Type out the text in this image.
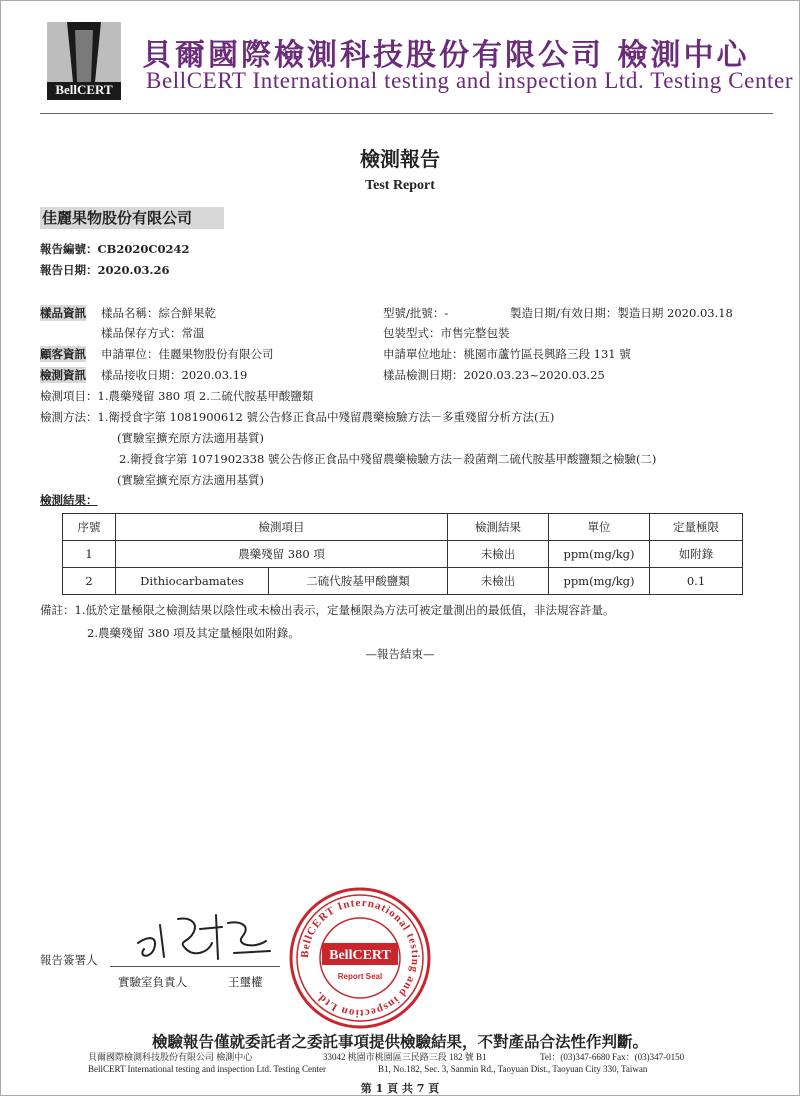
BellCERT
貝爾國際檢測科技股份有限公司 檢測中心
BellCERT International testing and inspection Ltd. Testing Center
檢測報告
Test Report
佳麗果物股份有限公司
報告編號：CB2020C0242
報告日期：2020.03.26
樣品資訊 樣品名稱：綜合鮮果乾	型號/批號：-	製造日期/有效日期：製造日期 2020.03.18
樣品保存方式：常溫	包裝型式：市售完整包裝
顧客資訊 申請單位：佳麗果物股份有限公司	申請單位地址：桃園市蘆竹區長興路三段 131 號
檢測資訊 樣品接收日期：2020.03.19	樣品檢測日期：2020.03.23~2020.03.25
檢測項目：1.農藥殘留 380 項 2.二硫代胺基甲酸鹽類
檢測方法：1.衛授食字第 1081900612 號公告修正食品中殘留農藥檢驗方法－多重殘留分析方法(五)
(實驗室擴充原方法適用基質)
2.衛授食字第 1071902338 號公告修正食品中殘留農藥檢驗方法－殺菌劑二硫代胺基甲酸鹽類之檢驗(二)
(實驗室擴充原方法適用基質)
檢測結果：
序號	檢測項目		檢測結果	單位	定量極限
1	農藥殘留 380 項		未檢出	ppm(mg/kg)	如附錄
2	Dithiocarbamates	二硫代胺基甲酸鹽類	未檢出	ppm(mg/kg)	0.1
備註：1.低於定量極限之檢測結果以陰性或未檢出表示，定量極限為方法可被定量測出的最低值，非法規容許量。
2.農藥殘留 380 項及其定量極限如附錄。
—報告結束—
報告簽署人
實驗室負責人	王璽權
BellCERT International testing and inspection Ltd.
BellCERT
Report Seal
檢驗報告僅就委託者之委託事項提供檢驗結果，不對產品合法性作判斷。
貝爾國際檢測科技股份有限公司 檢測中心	33042 桃園市桃園區三民路三段 182 號 B1	Tel：(03)347-6680 Fax：(03)347-0150
BellCERT International testing and inspection Ltd. Testing Center	B1, No.182, Sec. 3, Sanmin Rd., Taoyuan Dist., Taoyuan City 330, Taiwan
第 1 頁 共 7 頁
